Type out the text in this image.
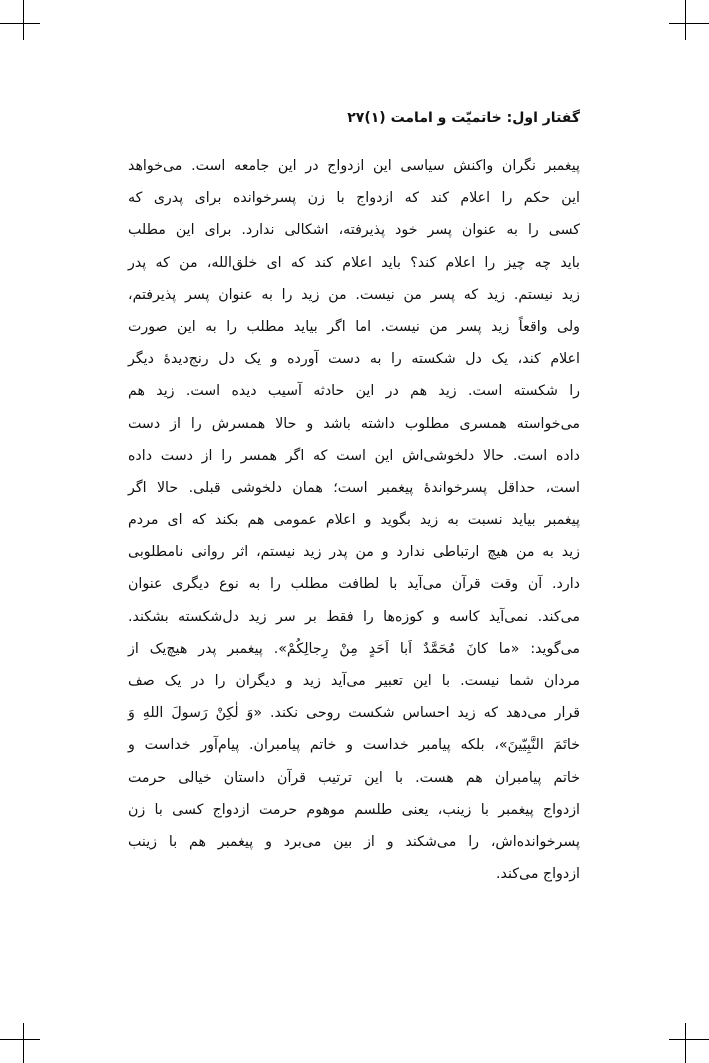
گفتار اول: خاتمیّت و امامت (۱)
۲۷
پیغمبر نگران واکنش سیاسی این ازدواج در این جامعه است. می‌خواهد
این حکم را اعلام کند که ازدواج با زن پسرخوانده برای پدری که
کسی را به عنوان پسر خود پذیرفته، اشکالی ندارد. برای این مطلب
باید چه چیز را اعلام کند؟ باید اعلام کند که ای خلق‌الله، من که پدر
زید نیستم. زید که پسر من نیست. من زید را به عنوان پسر پذیرفتم،
ولی واقعاً زید پسر من نیست. اما اگر بیاید مطلب را به این صورت
اعلام کند، یک دل شکسته را به دست آورده و یک دل رنج‌دیدهٔ دیگر
را شکسته است. زید هم در این حادثه آسیب دیده است. زید هم
می‌خواسته همسری مطلوب داشته باشد و حالا همسرش را از دست
داده است. حالا دلخوشی‌اش این است که اگر همسر را از دست داده
است، حداقل پسرخواندهٔ پیغمبر است؛ همان دلخوشی قبلی. حالا اگر
پیغمبر بیاید نسبت به زید بگوید و اعلام عمومی هم بکند که ای مردم
زید به من هیچ ارتباطی ندارد و من پدر زید نیستم، اثر روانی نامطلوبی
دارد. آن وقت قرآن می‌آید با لطافت مطلب را به نوع دیگری عنوان
می‌کند. نمی‌آید کاسه و کوزه‌ها را فقط بر سر زید دل‌شکسته بشکند.
می‌گوید: «ما كانَ مُحَمَّدٌ اَبا اَحَدٍ مِنْ رِجالِكُمْ». پیغمبر پدر هیچ‌یک از
مردان شما نیست. با این تعبیر می‌آید زید و دیگران را در یک صف
قرار می‌دهد که زید احساس شکست روحی نکند. «وَ لٰكِنْ رَسولَ اللهِ وَ
خاتَمَ النَّبِيّينَ»، بلکه پیامبر خداست و خاتم پیامبران. پیام‌آور خداست و
خاتم پیامبران هم هست. با این ترتیب قرآن داستان خیالی حرمت
ازدواج پیغمبر با زینب، یعنی طلسم موهوم حرمت ازدواج کسی با زن
پسرخوانده‌اش، را می‌شکند و از بین می‌برد و پیغمبر هم با زینب
ازدواج می‌کند.
